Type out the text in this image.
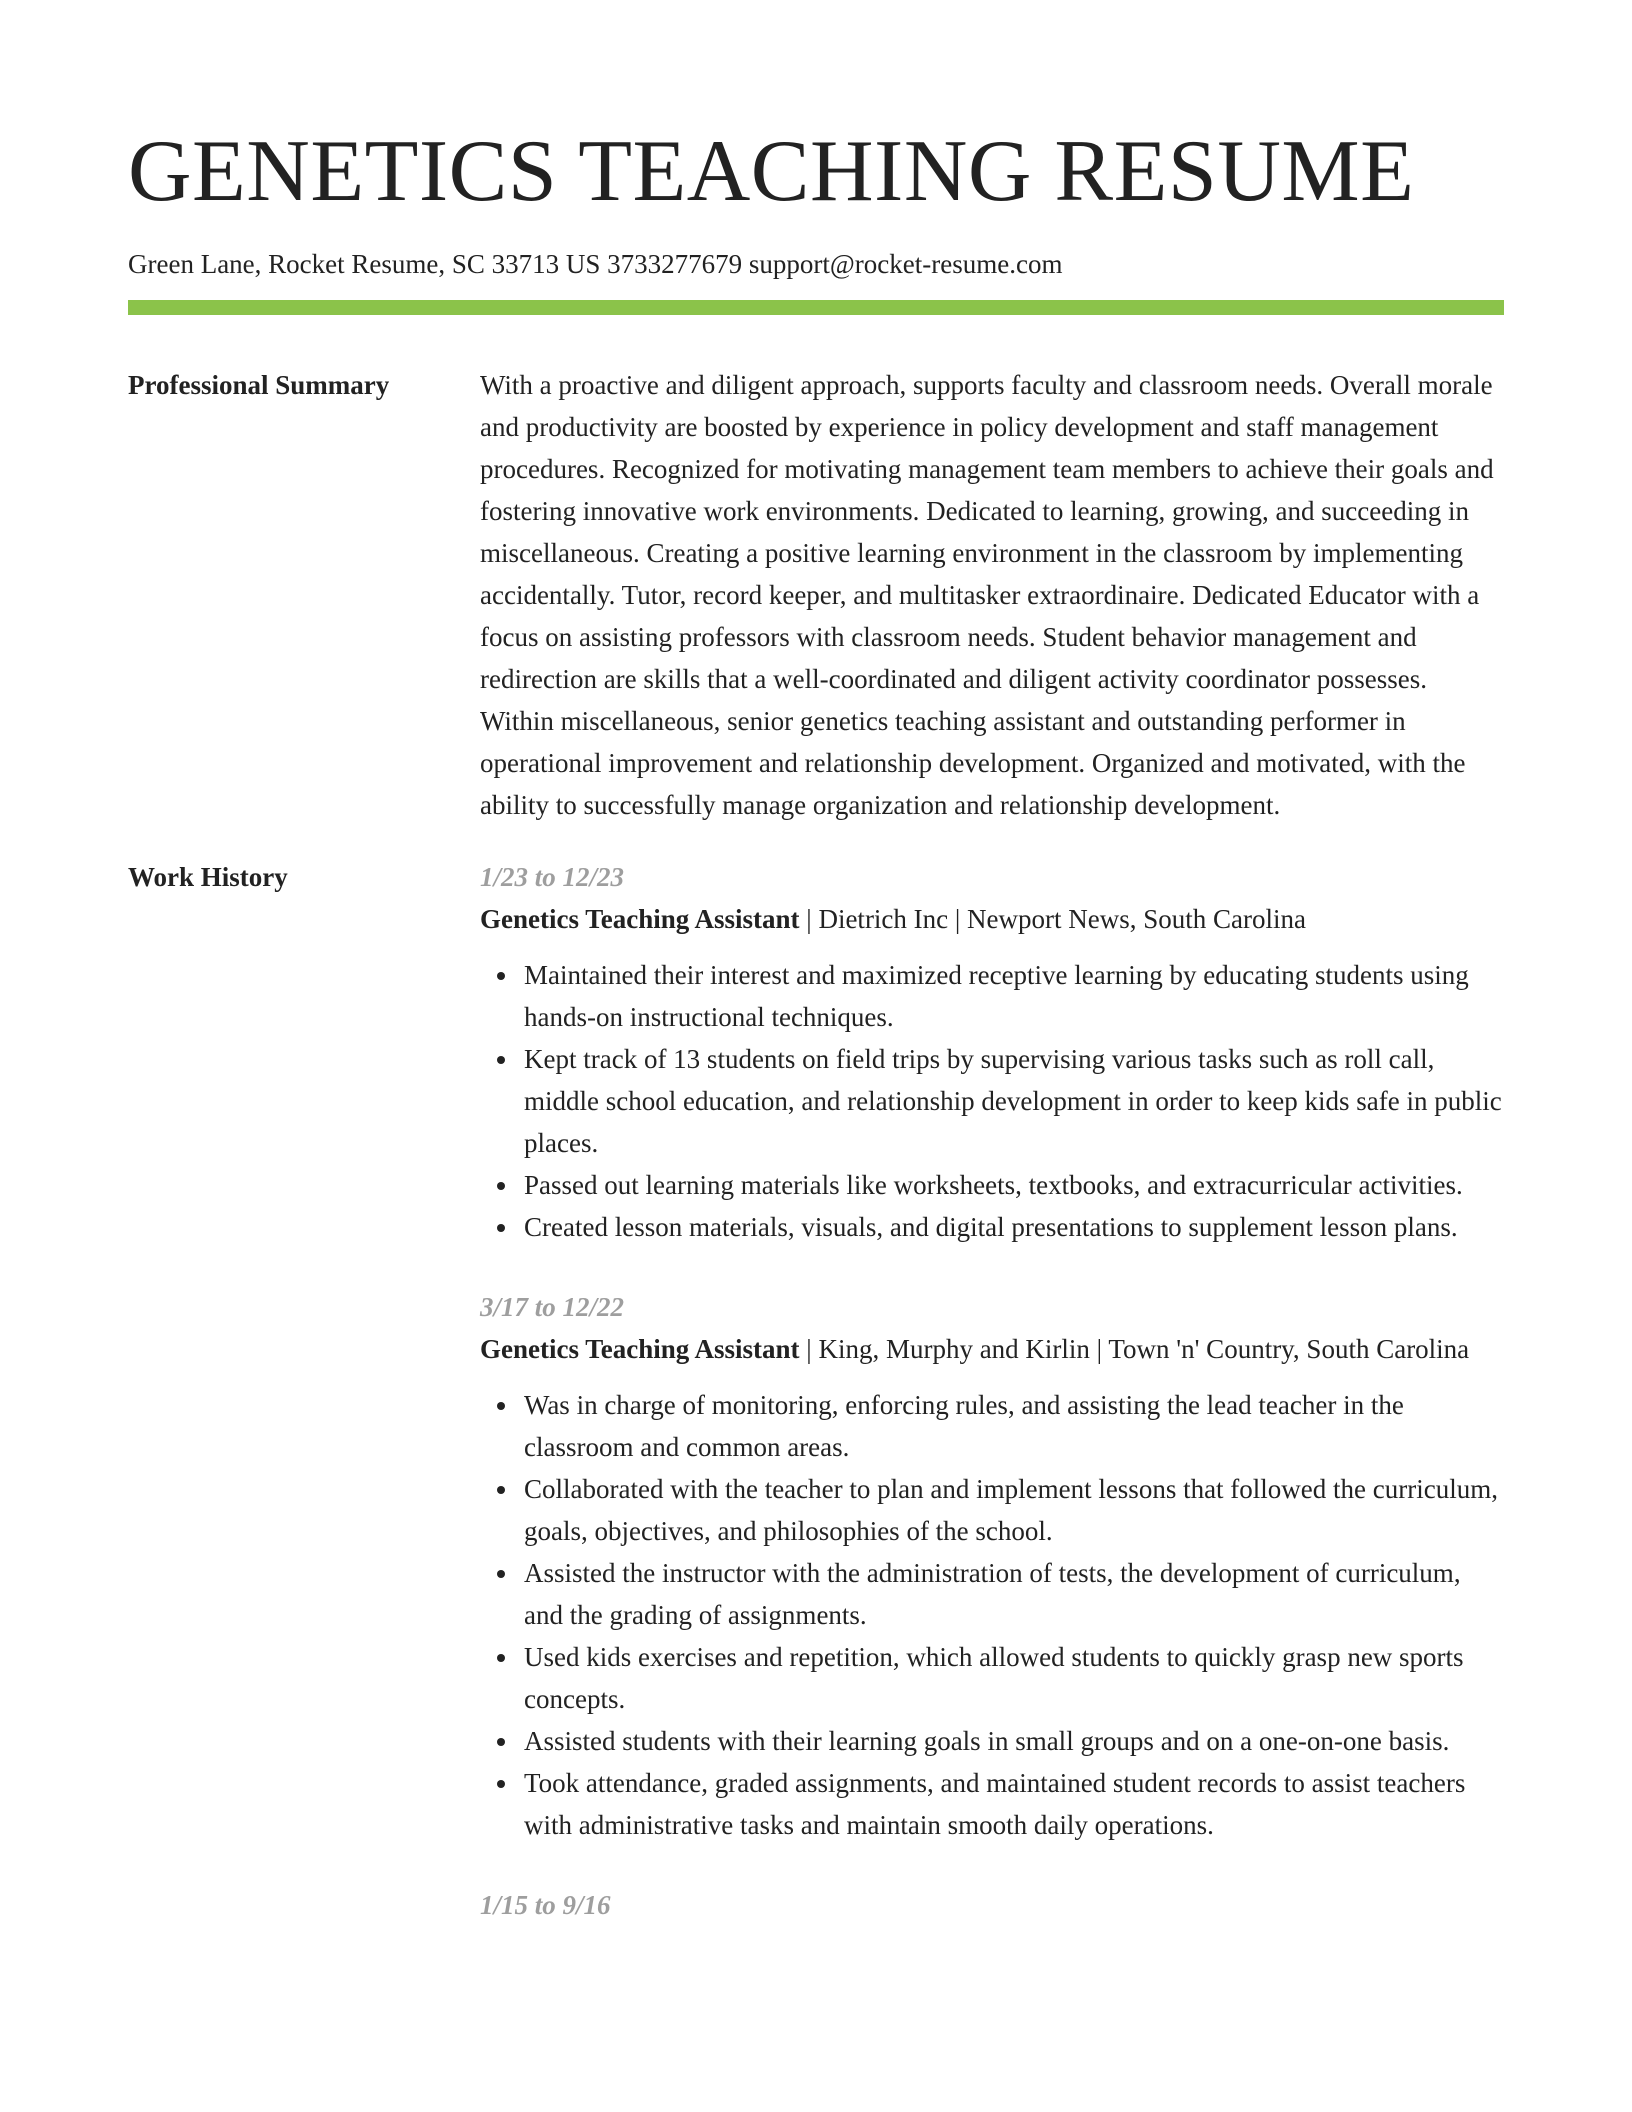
GENETICS TEACHING RESUME
Green Lane, Rocket Resume, SC 33713 US 3733277679 support@rocket-resume.com
Professional Summary	With a proactive and diligent approach, supports faculty and classroom needs. Overall morale and productivity are boosted by experience in policy development and staff management procedures. Recognized for motivating management team members to achieve their goals and fostering innovative work environments. Dedicated to learning, growing, and succeeding in miscellaneous. Creating a positive learning environment in the classroom by implementing accidentally. Tutor, record keeper, and multitasker extraordinaire. Dedicated Educator with a focus on assisting professors with classroom needs. Student behavior management and redirection are skills that a well-coordinated and diligent activity coordinator possesses. Within miscellaneous, senior genetics teaching assistant and outstanding performer in operational improvement and relationship development. Organized and motivated, with the ability to successfully manage organization and relationship development.
Work History	1/23 to 12/23
Genetics Teaching Assistant | Dietrich Inc | Newport News, South Carolina
Maintained their interest and maximized receptive learning by educating students using hands-on instructional techniques.
Kept track of 13 students on field trips by supervising various tasks such as roll call, middle school education, and relationship development in order to keep kids safe in public places.
Passed out learning materials like worksheets, textbooks, and extracurricular activities.
Created lesson materials, visuals, and digital presentations to supplement lesson plans.
3/17 to 12/22
Genetics Teaching Assistant | King, Murphy and Kirlin | Town 'n' Country, South Carolina
Was in charge of monitoring, enforcing rules, and assisting the lead teacher in the classroom and common areas.
Collaborated with the teacher to plan and implement lessons that followed the curriculum, goals, objectives, and philosophies of the school.
Assisted the instructor with the administration of tests, the development of curriculum, and the grading of assignments.
Used kids exercises and repetition, which allowed students to quickly grasp new sports concepts.
Assisted students with their learning goals in small groups and on a one-on-one basis.
Took attendance, graded assignments, and maintained student records to assist teachers with administrative tasks and maintain smooth daily operations.
1/15 to 9/16
